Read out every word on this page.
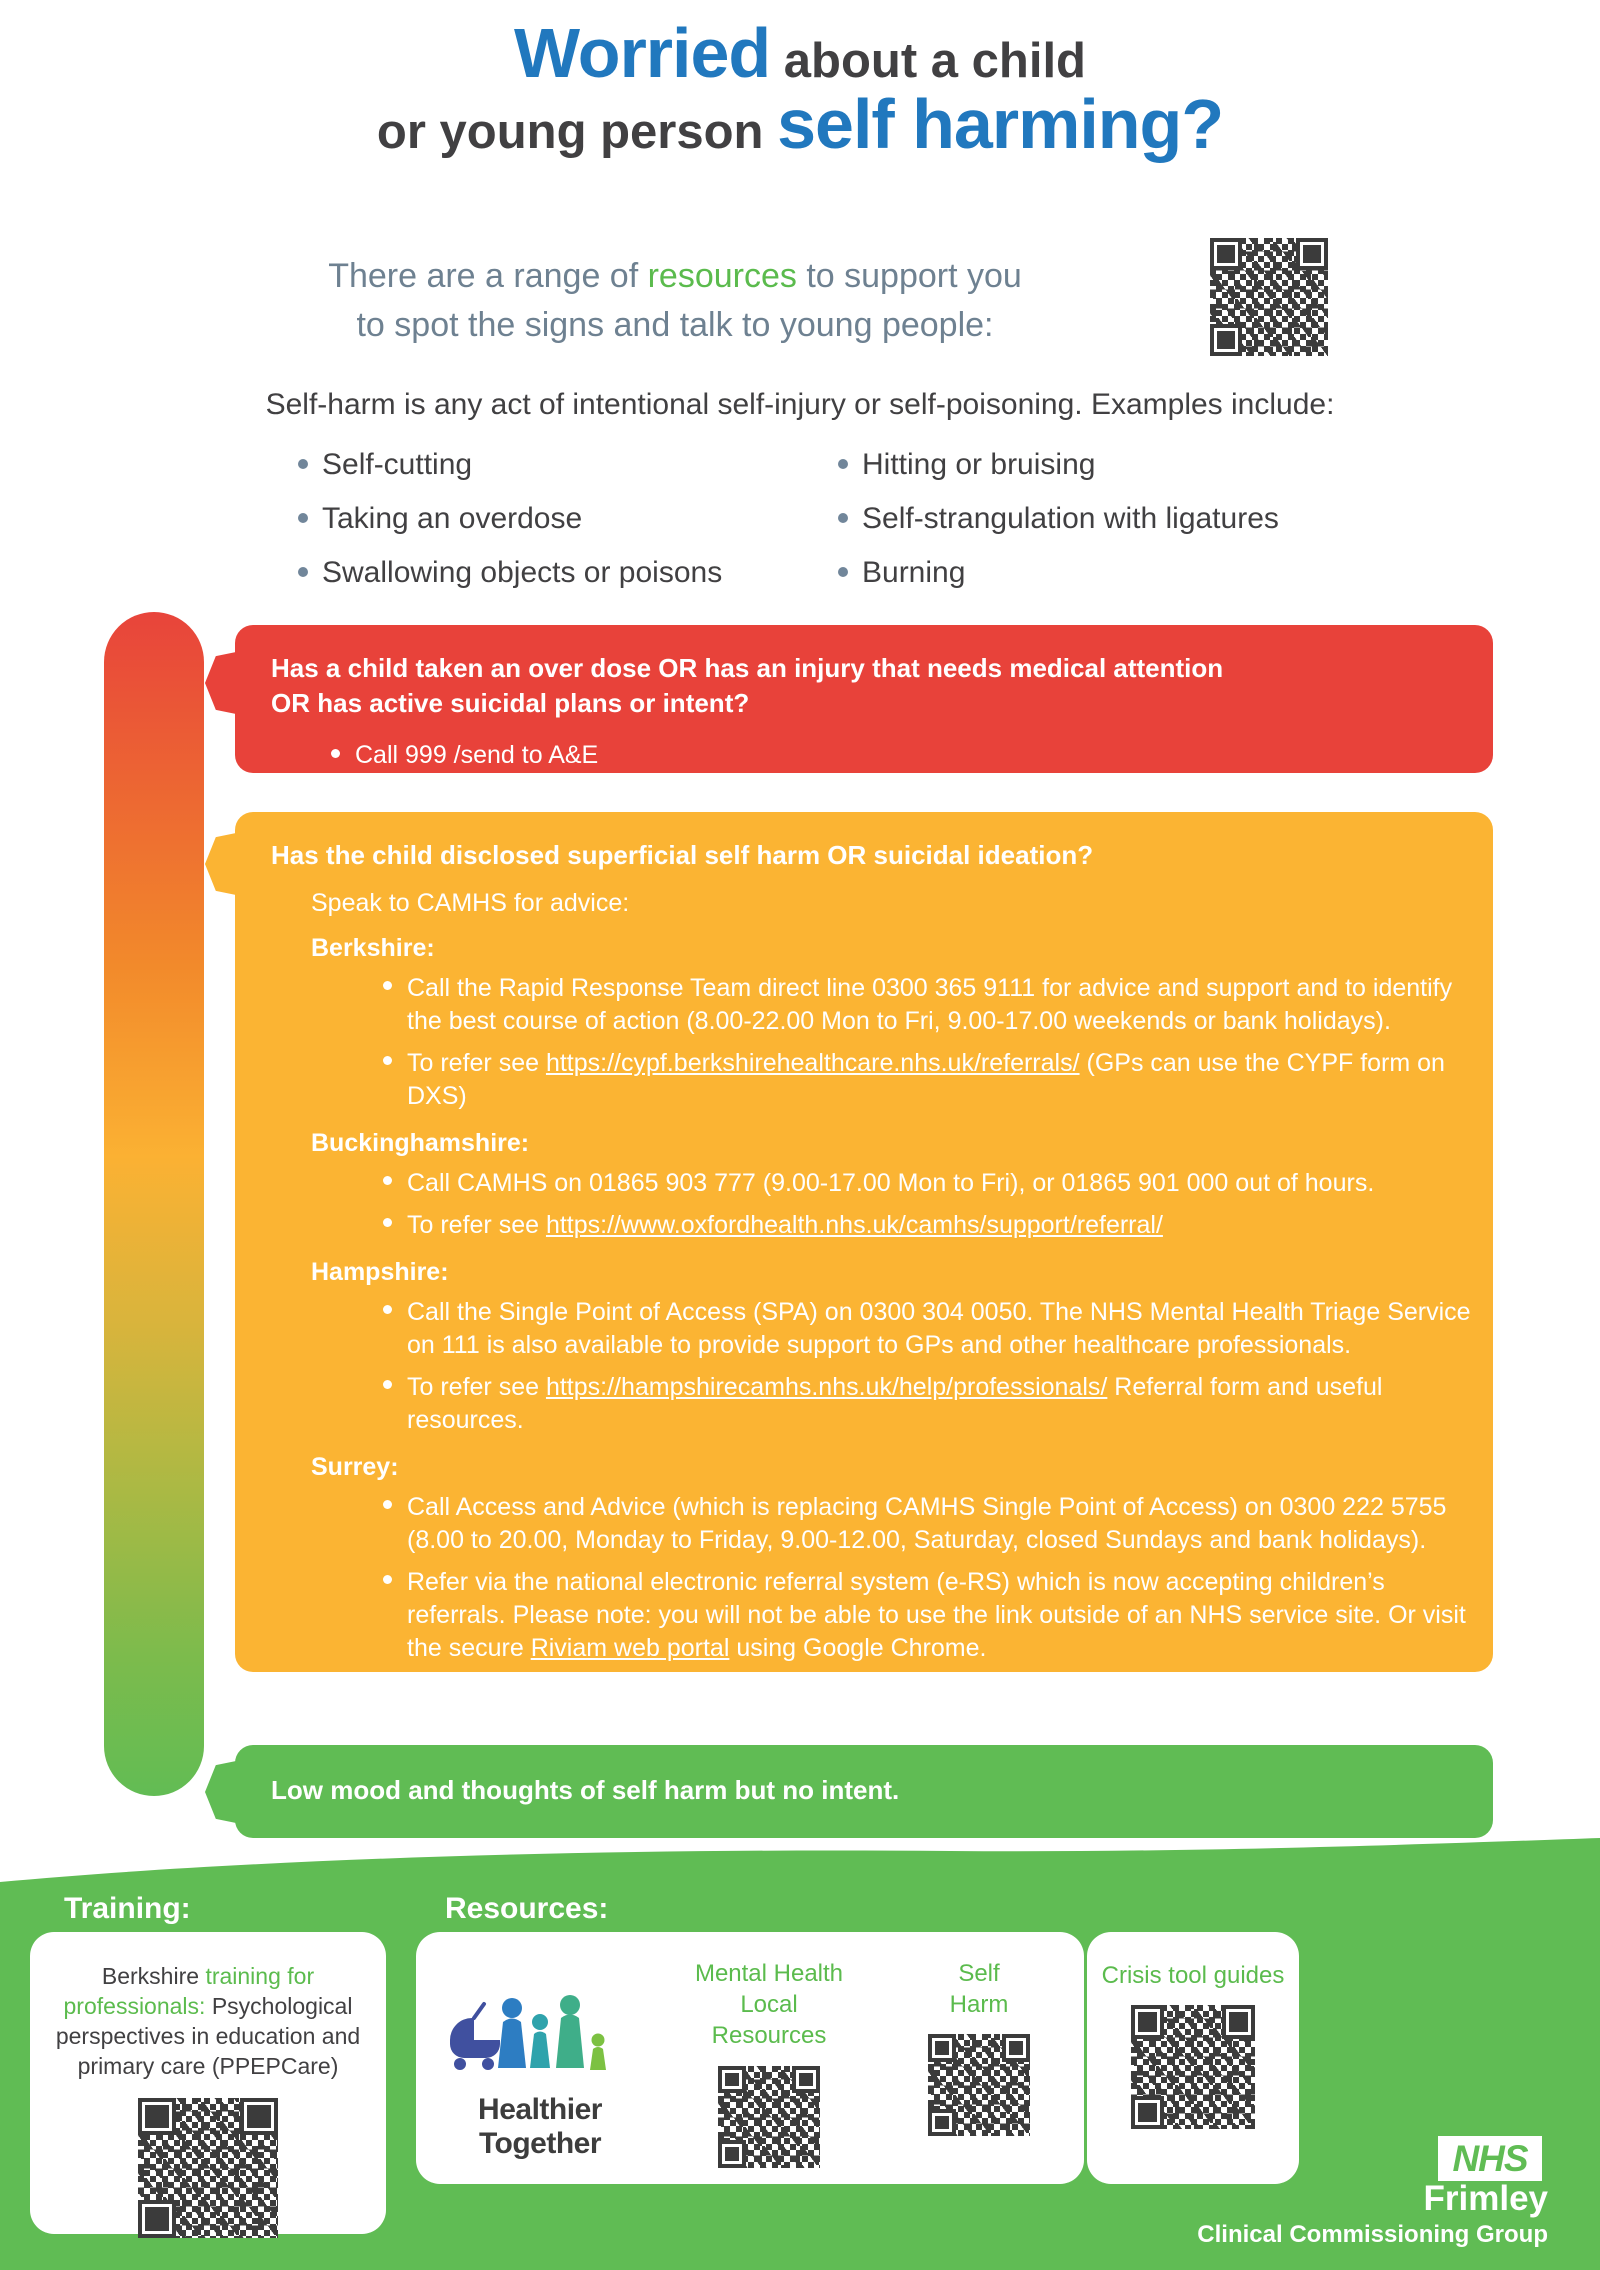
Worried about a child
or young person self harming?
There are a range of resources to support you
to spot the signs and talk to young people:
Self-harm is any act of intentional self-injury or self-poisoning. Examples include:
Self-cutting
Taking an overdose
Swallowing objects or poisons
Hitting or bruising
Self-strangulation with ligatures
Burning
Has a child taken an over dose OR has an injury that needs medical attention
OR has active suicidal plans or intent?
Call 999 /send to A&E
Has the child disclosed superficial self harm OR suicidal ideation?
Speak to CAMHS for advice:
Berkshire:
Call the Rapid Response Team direct line 0300 365 9111 for advice and support and to identify the best course of action (8.00-22.00 Mon to Fri, 9.00-17.00 weekends or bank holidays).
To refer see https://cypf.berkshirehealthcare.nhs.uk/referrals/ (GPs can use the CYPF form on DXS)
Buckinghamshire:
Call CAMHS on 01865 903 777 (9.00-17.00 Mon to Fri), or 01865 901 000 out of hours.
To refer see https://www.oxfordhealth.nhs.uk/camhs/support/referral/
Hampshire:
Call the Single Point of Access (SPA) on 0300 304 0050. The NHS Mental Health Triage Service on 111 is also available to provide support to GPs and other healthcare professionals.
To refer see https://hampshirecamhs.nhs.uk/help/professionals/ Referral form and useful resources.
Surrey:
Call Access and Advice (which is replacing CAMHS Single Point of Access) on 0300 222 5755 (8.00 to 20.00, Monday to Friday, 9.00-12.00, Saturday, closed Sundays and bank holidays).
Refer via the national electronic referral system (e-RS) which is now accepting children’s referrals. Please note: you will not be able to use the link outside of an NHS service site. Or visit the secure Riviam web portal using Google Chrome.
Low mood and thoughts of self harm but no intent.
Training:	Resources:
Berkshire training for professionals: Psychological perspectives in education and primary care (PPEPCare)
Healthier Together
Mental Health Local Resources
Self Harm
Crisis tool guides
NHS
Frimley
Clinical Commissioning Group
